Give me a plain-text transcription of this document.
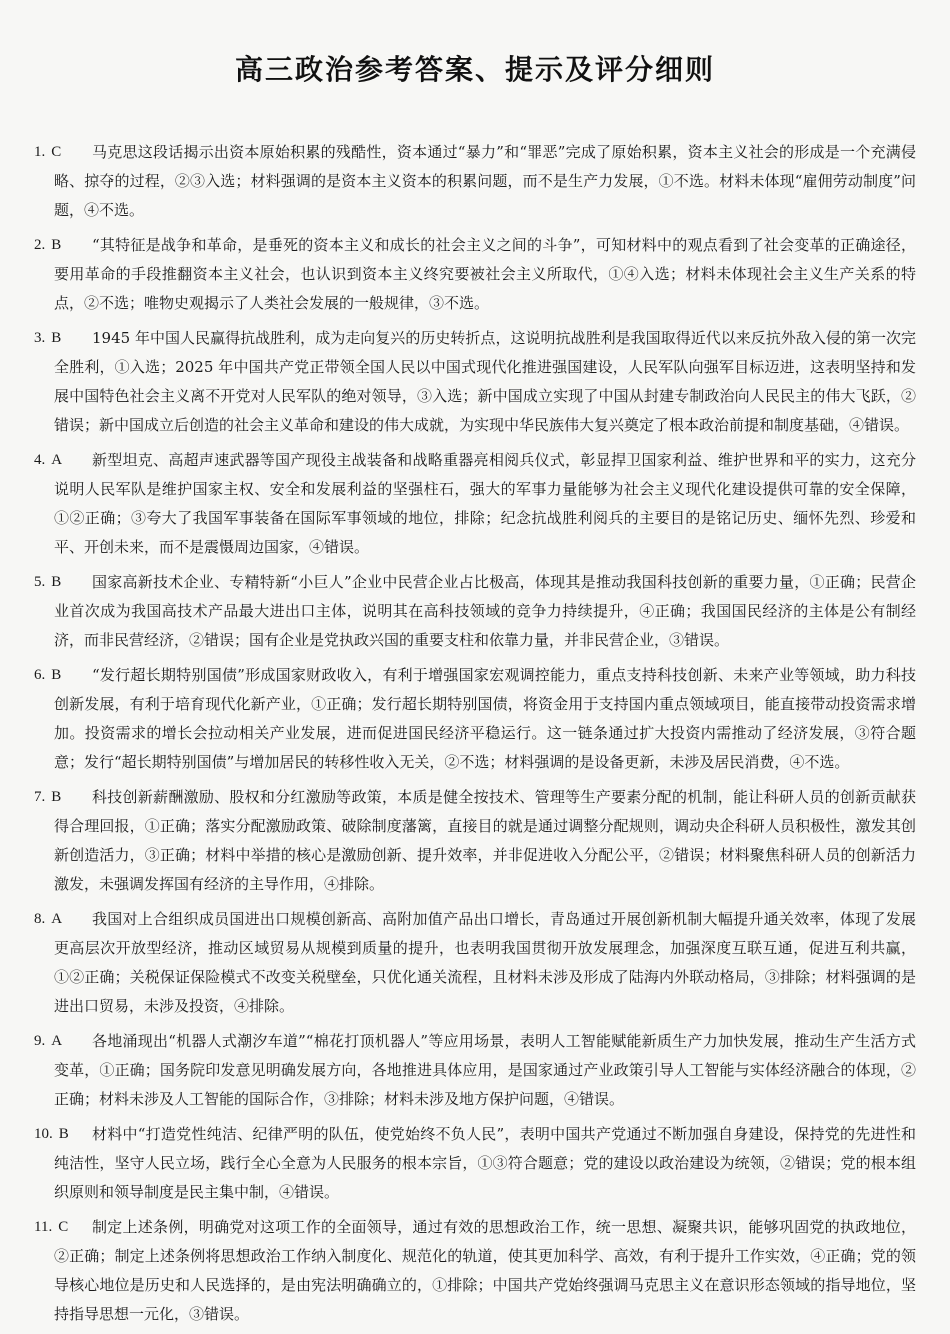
高三政治参考答案、提示及评分细则
1. C	马克思这段话揭示出资本原始积累的残酷性，资本通过“暴力”和“罪恶”完成了原始积累，资本主义社会的形成是一个充满侵略、掠夺的过程，②③入选；材料强调的是资本主义资本的积累问题，而不是生产力发展，①不选。材料未体现“雇佣劳动制度”问题，④不选。
2. B	“其特征是战争和革命，是垂死的资本主义和成长的社会主义之间的斗争”，可知材料中的观点看到了社会变革的正确途径，要用革命的手段推翻资本主义社会，也认识到资本主义终究要被社会主义所取代，①④入选；材料未体现社会主义生产关系的特点，②不选；唯物史观揭示了人类社会发展的一般规律，③不选。
3. B	1945 年中国人民赢得抗战胜利，成为走向复兴的历史转折点，这说明抗战胜利是我国取得近代以来反抗外敌入侵的第一次完全胜利，①入选；2025 年中国共产党正带领全国人民以中国式现代化推进强国建设，人民军队向强军目标迈进，这表明坚持和发展中国特色社会主义离不开党对人民军队的绝对领导，③入选；新中国成立实现了中国从封建专制政治向人民民主的伟大飞跃，②错误；新中国成立后创造的社会主义革命和建设的伟大成就，为实现中华民族伟大复兴奠定了根本政治前提和制度基础，④错误。
4. A	新型坦克、高超声速武器等国产现役主战装备和战略重器亮相阅兵仪式，彰显捍卫国家利益、维护世界和平的实力，这充分说明人民军队是维护国家主权、安全和发展利益的坚强柱石，强大的军事力量能够为社会主义现代化建设提供可靠的安全保障，①②正确；③夸大了我国军事装备在国际军事领域的地位，排除；纪念抗战胜利阅兵的主要目的是铭记历史、缅怀先烈、珍爱和平、开创未来，而不是震慑周边国家，④错误。
5. B	国家高新技术企业、专精特新“小巨人”企业中民营企业占比极高，体现其是推动我国科技创新的重要力量，①正确；民营企业首次成为我国高技术产品最大进出口主体，说明其在高科技领域的竞争力持续提升，④正确；我国国民经济的主体是公有制经济，而非民营经济，②错误；国有企业是党执政兴国的重要支柱和依靠力量，并非民营企业，③错误。
6. B	“发行超长期特别国债”形成国家财政收入，有利于增强国家宏观调控能力，重点支持科技创新、未来产业等领域，助力科技创新发展，有利于培育现代化新产业，①正确；发行超长期特别国债，将资金用于支持国内重点领域项目，能直接带动投资需求增加。投资需求的增长会拉动相关产业发展，进而促进国民经济平稳运行。这一链条通过扩大投资内需推动了经济发展，③符合题意；发行“超长期特别国债”与增加居民的转移性收入无关，②不选；材料强调的是设备更新，未涉及居民消费，④不选。
7. B	科技创新薪酬激励、股权和分红激励等政策，本质是健全按技术、管理等生产要素分配的机制，能让科研人员的创新贡献获得合理回报，①正确；落实分配激励政策、破除制度藩篱，直接目的就是通过调整分配规则，调动央企科研人员积极性，激发其创新创造活力，③正确；材料中举措的核心是激励创新、提升效率，并非促进收入分配公平，②错误；材料聚焦科研人员的创新活力激发，未强调发挥国有经济的主导作用，④排除。
8. A	我国对上合组织成员国进出口规模创新高、高附加值产品出口增长，青岛通过开展创新机制大幅提升通关效率，体现了发展更高层次开放型经济，推动区域贸易从规模到质量的提升，也表明我国贯彻开放发展理念，加强深度互联互通，促进互利共赢，①②正确；关税保证保险模式不改变关税壁垒，只优化通关流程，且材料未涉及形成了陆海内外联动格局，③排除；材料强调的是进出口贸易，未涉及投资，④排除。
9. A	各地涌现出“机器人式潮汐车道”“棉花打顶机器人”等应用场景，表明人工智能赋能新质生产力加快发展，推动生产生活方式变革，①正确；国务院印发意见明确发展方向，各地推进具体应用，是国家通过产业政策引导人工智能与实体经济融合的体现，②正确；材料未涉及人工智能的国际合作，③排除；材料未涉及地方保护问题，④错误。
10. B	材料中“打造党性纯洁、纪律严明的队伍，使党始终不负人民”，表明中国共产党通过不断加强自身建设，保持党的先进性和纯洁性，坚守人民立场，践行全心全意为人民服务的根本宗旨，①③符合题意；党的建设以政治建设为统领，②错误；党的根本组织原则和领导制度是民主集中制，④错误。
11. C	制定上述条例，明确党对这项工作的全面领导，通过有效的思想政治工作，统一思想、凝聚共识，能够巩固党的执政地位，②正确；制定上述条例将思想政治工作纳入制度化、规范化的轨道，使其更加科学、高效，有利于提升工作实效，④正确；党的领导核心地位是历史和人民选择的，是由宪法明确确立的，①排除；中国共产党始终强调马克思主义在意识形态领域的指导地位，坚持指导思想一元化，③错误。
